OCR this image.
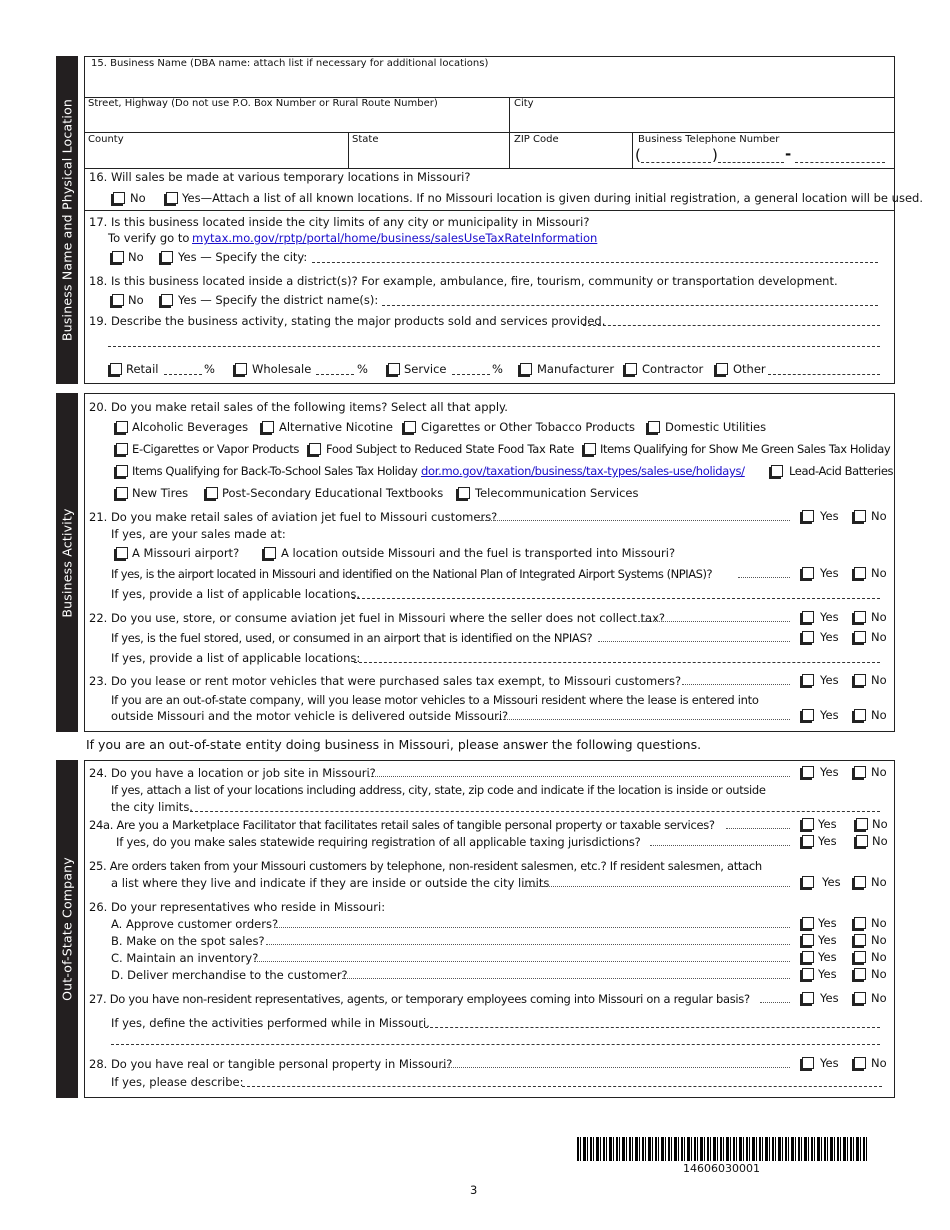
Business Name and Physical Location
Business Activity
Out-of-State Company
15. Business Name (DBA name: attach list if necessary for additional locations)
Street, Highway (Do not use P.O. Box Number or Rural Route Number)	City
County	State	ZIP Code	Business Telephone Number
(	)	-
16. Will sales be made at various temporary locations in Missouri?
No	Yes—Attach a list of all known locations. If no Missouri location is given during initial registration, a general location will be used.
17. Is this business located inside the city limits of any city or municipality in Missouri?
To verify go to mytax.mo.gov/rptp/portal/home/business/salesUseTaxRateInformation
No	Yes — Specify the city:
18. Is this business located inside a district(s)? For example, ambulance, fire, tourism, community or transportation development.
No	Yes — Specify the district name(s):
19. Describe the business activity, stating the major products sold and services provided.
Retail	%	Wholesale	%	Service	%	Manufacturer Contractor	Other
20. Do you make retail sales of the following items? Select all that apply.
Alcoholic Beverages	Alternative Nicotine Cigarettes or Other Tobacco Products	Domestic Utilities
E-Cigarettes or Vapor Products Food Subject to Reduced State Food Tax Rate Items Qualifying for Show Me Green Sales Tax Holiday
Items Qualifying for Back-To-School Sales Tax Holiday dor.mo.gov/taxation/business/tax-types/sales-use/holidays/	Lead-Acid Batteries
New Tires	Post-Secondary Educational Textbooks	Telecommunication Services
21. Do you make retail sales of aviation jet fuel to Missouri customers?	Yes	No
If yes, are your sales made at:
A Missouri airport?	A location outside Missouri and the fuel is transported into Missouri?
If yes, is the airport located in Missouri and identified on the National Plan of Integrated Airport Systems (NPIAS)?	Yes	No
If yes, provide a list of applicable locations.
22. Do you use, store, or consume aviation jet fuel in Missouri where the seller does not collect tax?	Yes	No
If yes, is the fuel stored, used, or consumed in an airport that is identified on the NPIAS?	Yes	No
If yes, provide a list of applicable locations:
23. Do you lease or rent motor vehicles that were purchased sales tax exempt, to Missouri customers?	Yes	No
If you are an out-of-state company, will you lease motor vehicles to a Missouri resident where the lease is entered into
outside Missouri and the motor vehicle is delivered outside Missouri?	Yes	No
If you are an out-of-state entity doing business in Missouri, please answer the following questions.
24. Do you have a location or job site in Missouri?	Yes	No
If yes, attach a list of your locations including address, city, state, zip code and indicate if the location is inside or outside
the city limits.
24a. Are you a Marketplace Facilitator that facilitates retail sales of tangible personal property or taxable services?	Yes	No
If yes, do you make sales statewide requiring registration of all applicable taxing jurisdictions?	Yes	No
25. Are orders taken from your Missouri customers by telephone, non-resident salesmen, etc.? If resident salesmen, attach
a list where they live and indicate if they are inside or outside the city limits	Yes	No
26. Do your representatives who reside in Missouri:
A. Approve customer orders?	Yes	No
B. Make on the spot sales?	Yes	No
C. Maintain an inventory?	Yes	No
D. Deliver merchandise to the customer?	Yes	No
27. Do you have non-resident representatives, agents, or temporary employees coming into Missouri on a regular basis?	Yes	No
If yes, define the activities performed while in Missouri.
28. Do you have real or tangible personal property in Missouri?	Yes	No
If yes, please describe:
14606030001
3
